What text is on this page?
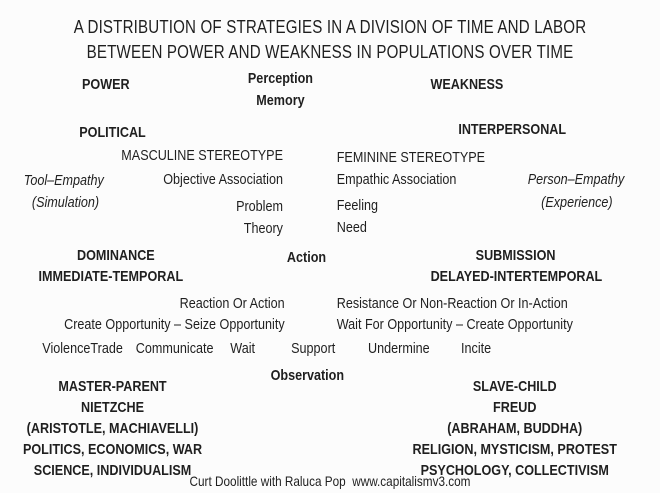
A DISTRIBUTION OF STRATEGIES IN A DIVISION OF TIME AND LABOR
BETWEEN POWER AND WEAKNESS IN POPULATIONS OVER TIME
POWER	Perception
Memory
WEAKNESS
POLITICAL	INTERPERSONAL
MASCULINE STEREOTYPE	FEMININE STEREOTYPE
Tool–Empathy
(Simulation)
Objective Association	Empathic Association	Person–Empathy
(Experience)
Problem	Feeling
Theory	Need
DOMINANCE	Action	SUBMISSION
IMMEDIATE-TEMPORAL	DELAYED-INTERTEMPORAL
Reaction Or Action	Resistance Or Non-Reaction Or In-Action
Create Opportunity – Seize Opportunity	Wait For Opportunity – Create Opportunity
Violence Trade Communicate Wait Support Undermine Incite
Observation
MASTER-PARENT
NIETZCHE
(ARISTOTLE, MACHIAVELLI)
POLITICS, ECONOMICS, WAR
SCIENCE, INDIVIDUALISM
SLAVE-CHILD
FREUD
(ABRAHAM, BUDDHA)
RELIGION, MYSTICISM, PROTEST
PSYCHOLOGY, COLLECTIVISM
Curt Doolittle with Raluca Pop  www.capitalismv3.com
